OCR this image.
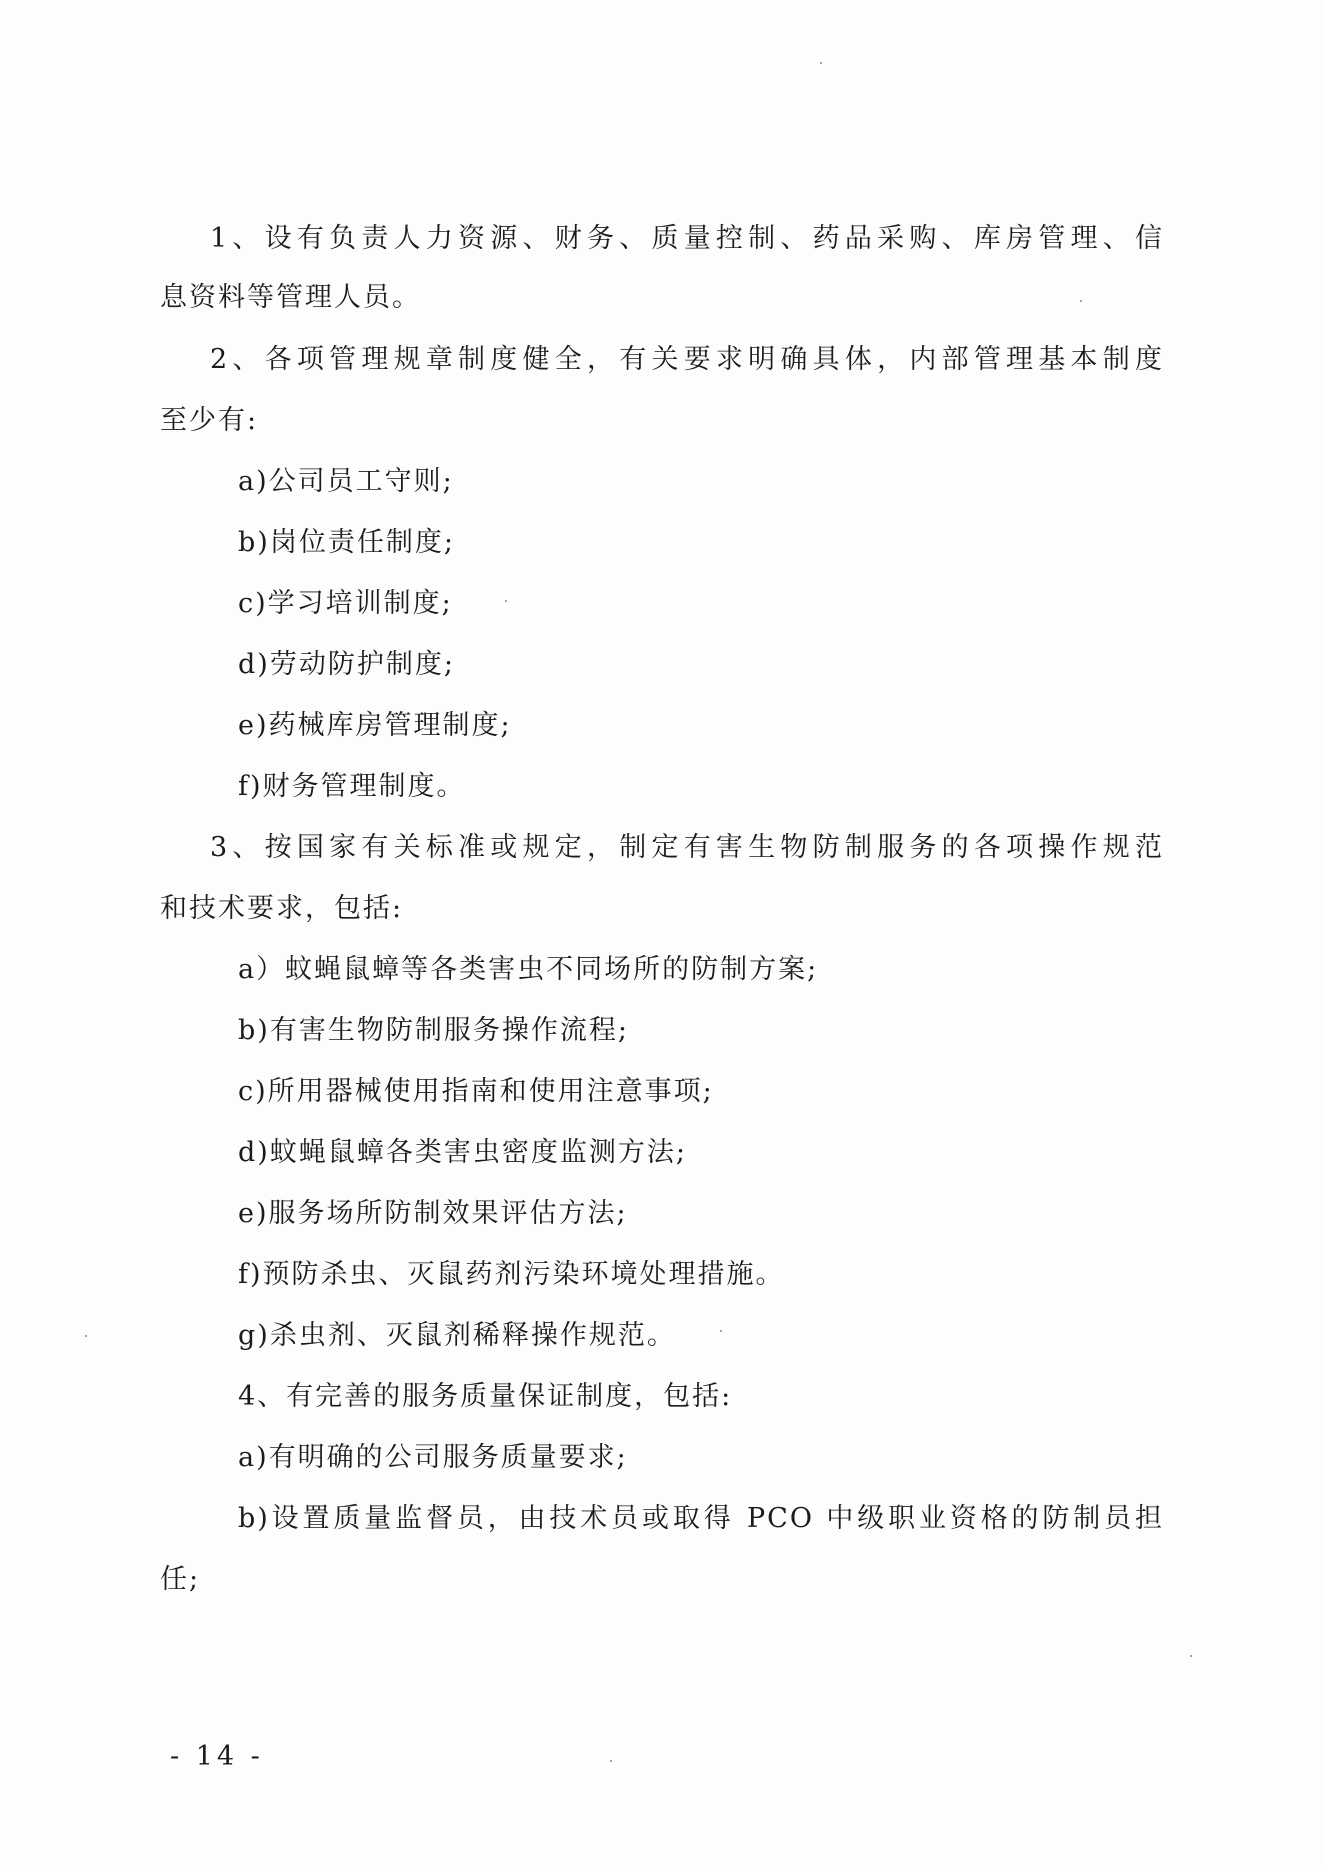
1、设有负责人力资源、财务、质量控制、药品采购、库房管理、信
息资料等管理人员。
2、各项管理规章制度健全，有关要求明确具体，内部管理基本制度
至少有:
a)公司员工守则;
b)岗位责任制度;
c)学习培训制度;
d)劳动防护制度;
e)药械库房管理制度;
f)财务管理制度。
3、按国家有关标准或规定，制定有害生物防制服务的各项操作规范
和技术要求，包括:
a）蚊蝇鼠蟑等各类害虫不同场所的防制方案;
b)有害生物防制服务操作流程;
c)所用器械使用指南和使用注意事项;
d)蚊蝇鼠蟑各类害虫密度监测方法;
e)服务场所防制效果评估方法;
f)预防杀虫、灭鼠药剂污染环境处理措施。
g)杀虫剂、灭鼠剂稀释操作规范。
4、有完善的服务质量保证制度，包括:
a)有明确的公司服务质量要求;
b)设置质量监督员，由技术员或取得 PCO 中级职业资格的防制员担
任;
- 14 -
